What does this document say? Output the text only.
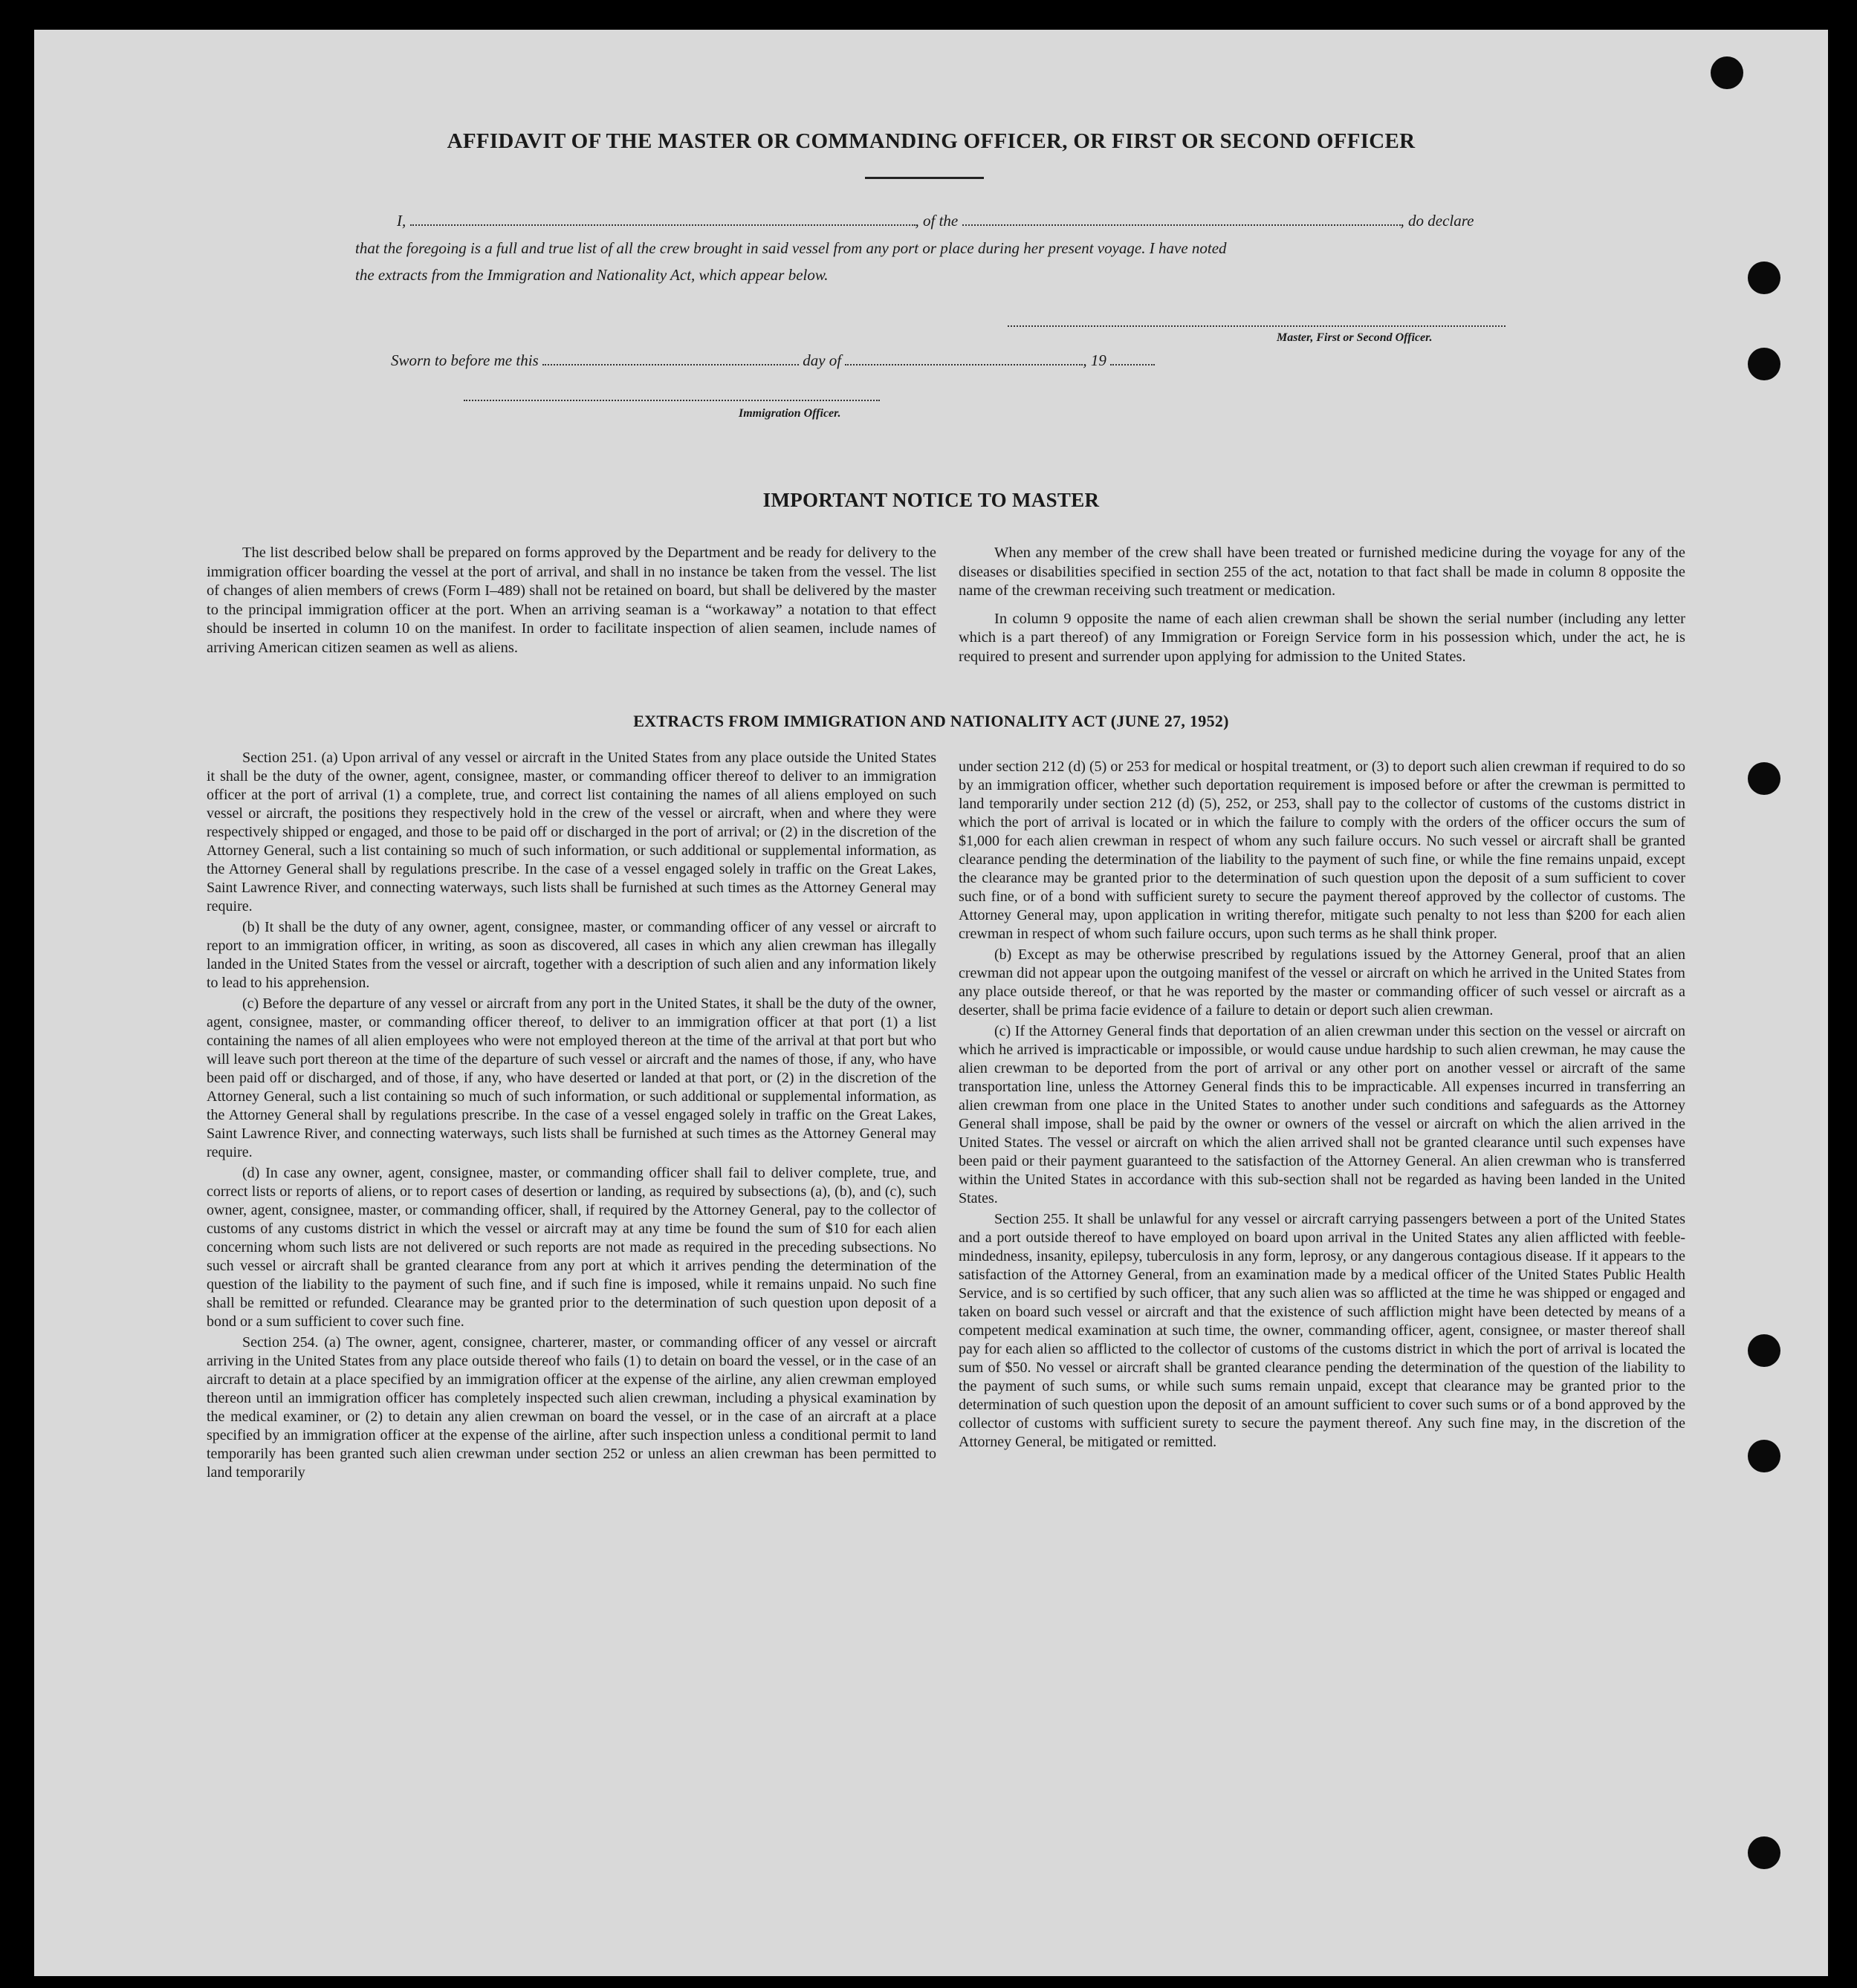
AFFIDAVIT OF THE MASTER OR COMMANDING OFFICER, OR FIRST OR SECOND OFFICER
I,	, of the	, do declare
that the foregoing is a full and true list of all the crew brought in said vessel from any port or place during her present voyage. I have noted
the extracts from the Immigration and Nationality Act, which appear below.
Master, First or Second Officer.
Sworn to before me this	day of	, 19
Immigration Officer.
IMPORTANT NOTICE TO MASTER

The list described below shall be prepared on forms approved by the Department and be ready for delivery to the immigration officer boarding the vessel at the port of arrival, and shall in no instance be taken from the vessel. The list of changes of alien members of crews (Form I–489) shall not be retained on board, but shall be delivered by the master to the principal immigration officer at the port. When an arriving seaman is a “workaway” a notation to that effect should be inserted in column 10 on the manifest. In order to facilitate inspection of alien seamen, include names of arriving American citizen seamen as well as aliens.

When any member of the crew shall have been treated or furnished medicine during the voyage for any of the diseases or disabilities specified in section 255 of the act, notation to that fact shall be made in column 8 opposite the name of the crewman receiving such treatment or medication.

In column 9 opposite the name of each alien crewman shall be shown the serial number (including any letter which is a part thereof) of any Immigration or Foreign Service form in his possession which, under the act, he is required to present and surrender upon applying for admission to the United States.

EXTRACTS FROM IMMIGRATION AND NATIONALITY ACT (JUNE 27, 1952)

Section 251. (a) Upon arrival of any vessel or aircraft in the United States from any place outside the United States it shall be the duty of the owner, agent, consignee, master, or commanding officer thereof to deliver to an immigration officer at the port of arrival (1) a complete, true, and correct list containing the names of all aliens employed on such vessel or aircraft, the positions they respectively hold in the crew of the vessel or aircraft, when and where they were respectively shipped or engaged, and those to be paid off or discharged in the port of arrival; or (2) in the discretion of the Attorney General, such a list containing so much of such information, or such additional or supplemental information, as the Attorney General shall by regulations prescribe. In the case of a vessel engaged solely in traffic on the Great Lakes, Saint Lawrence River, and connecting waterways, such lists shall be furnished at such times as the Attorney General may require.

(b) It shall be the duty of any owner, agent, consignee, master, or commanding officer of any vessel or aircraft to report to an immigration officer, in writing, as soon as discovered, all cases in which any alien crewman has illegally landed in the United States from the vessel or aircraft, together with a description of such alien and any information likely to lead to his apprehension.

(c) Before the departure of any vessel or aircraft from any port in the United States, it shall be the duty of the owner, agent, consignee, master, or commanding officer thereof, to deliver to an immigration officer at that port (1) a list containing the names of all alien employees who were not employed thereon at the time of the arrival at that port but who will leave such port thereon at the time of the departure of such vessel or aircraft and the names of those, if any, who have been paid off or discharged, and of those, if any, who have deserted or landed at that port, or (2) in the discretion of the Attorney General, such a list containing so much of such information, or such additional or supplemental information, as the Attorney General shall by regulations prescribe. In the case of a vessel engaged solely in traffic on the Great Lakes, Saint Lawrence River, and connecting waterways, such lists shall be furnished at such times as the Attorney General may require.

(d) In case any owner, agent, consignee, master, or commanding officer shall fail to deliver complete, true, and correct lists or reports of aliens, or to report cases of desertion or landing, as required by subsections (a), (b), and (c), such owner, agent, consignee, master, or commanding officer, shall, if required by the Attorney General, pay to the collector of customs of any customs district in which the vessel or aircraft may at any time be found the sum of $10 for each alien concerning whom such lists are not delivered or such reports are not made as required in the preceding subsections. No such vessel or aircraft shall be granted clearance from any port at which it arrives pending the determination of the question of the liability to the payment of such fine, and if such fine is imposed, while it remains unpaid. No such fine shall be remitted or refunded. Clearance may be granted prior to the determination of such question upon deposit of a bond or a sum sufficient to cover such fine.

Section 254. (a) The owner, agent, consignee, charterer, master, or commanding officer of any vessel or aircraft arriving in the United States from any place outside thereof who fails (1) to detain on board the vessel, or in the case of an aircraft to detain at a place specified by an immigration officer at the expense of the airline, any alien crewman employed thereon until an immigration officer has completely inspected such alien crewman, including a physical examination by the medical examiner, or (2) to detain any alien crewman on board the vessel, or in the case of an aircraft at a place specified by an immigration officer at the expense of the airline, after such inspection unless a conditional permit to land temporarily has been granted such alien crewman under section 252 or unless an alien crewman has been permitted to land temporarily

under section 212 (d) (5) or 253 for medical or hospital treatment, or (3) to deport such alien crewman if required to do so by an immigration officer, whether such deportation requirement is imposed before or after the crewman is permitted to land temporarily under section 212 (d) (5), 252, or 253, shall pay to the collector of customs of the customs district in which the port of arrival is located or in which the failure to comply with the orders of the officer occurs the sum of $1,000 for each alien crewman in respect of whom any such failure occurs. No such vessel or aircraft shall be granted clearance pending the determination of the liability to the payment of such fine, or while the fine remains unpaid, except the clearance may be granted prior to the determination of such question upon the deposit of a sum sufficient to cover such fine, or of a bond with sufficient surety to secure the payment thereof approved by the collector of customs. The Attorney General may, upon application in writing therefor, mitigate such penalty to not less than $200 for each alien crewman in respect of whom such failure occurs, upon such terms as he shall think proper.

(b) Except as may be otherwise prescribed by regulations issued by the Attorney General, proof that an alien crewman did not appear upon the outgoing manifest of the vessel or aircraft on which he arrived in the United States from any place outside thereof, or that he was reported by the master or commanding officer of such vessel or aircraft as a deserter, shall be prima facie evidence of a failure to detain or deport such alien crewman.

(c) If the Attorney General finds that deportation of an alien crewman under this section on the vessel or aircraft on which he arrived is impracticable or impossible, or would cause undue hardship to such alien crewman, he may cause the alien crewman to be deported from the port of arrival or any other port on another vessel or aircraft of the same transportation line, unless the Attorney General finds this to be impracticable. All expenses incurred in transferring an alien crewman from one place in the United States to another under such conditions and safeguards as the Attorney General shall impose, shall be paid by the owner or owners of the vessel or aircraft on which the alien arrived in the United States. The vessel or aircraft on which the alien arrived shall not be granted clearance until such expenses have been paid or their payment guaranteed to the satisfaction of the Attorney General. An alien crewman who is transferred within the United States in accordance with this sub-section shall not be regarded as having been landed in the United States.

Section 255. It shall be unlawful for any vessel or aircraft carrying passengers between a port of the United States and a port outside thereof to have employed on board upon arrival in the United States any alien afflicted with feeble-mindedness, insanity, epilepsy, tuberculosis in any form, leprosy, or any dangerous contagious disease. If it appears to the satisfaction of the Attorney General, from an examination made by a medical officer of the United States Public Health Service, and is so certified by such officer, that any such alien was so afflicted at the time he was shipped or engaged and taken on board such vessel or aircraft and that the existence of such affliction might have been detected by means of a competent medical examination at such time, the owner, commanding officer, agent, consignee, or master thereof shall pay for each alien so afflicted to the collector of customs of the customs district in which the port of arrival is located the sum of $50. No vessel or aircraft shall be granted clearance pending the determination of the question of the liability to the payment of such sums, or while such sums remain unpaid, except that clearance may be granted prior to the determination of such question upon the deposit of an amount sufficient to cover such sums or of a bond approved by the collector of customs with sufficient surety to secure the payment thereof. Any such fine may, in the discretion of the Attorney General, be mitigated or remitted.
